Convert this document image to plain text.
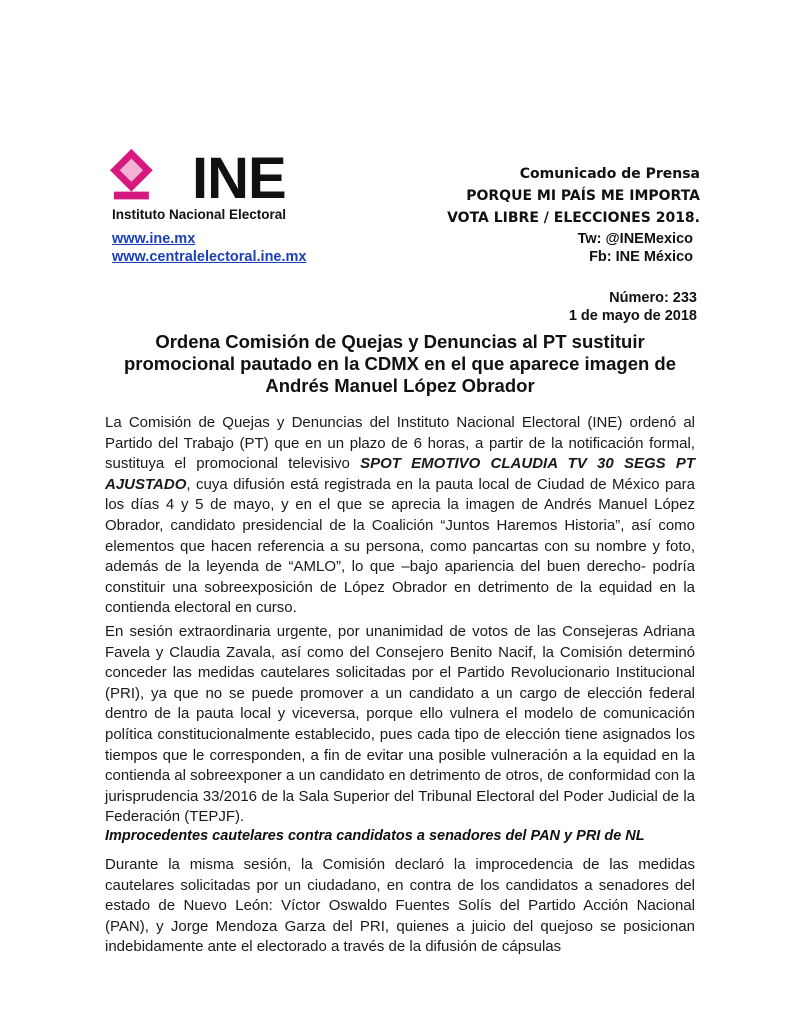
INE
Instituto Nacional Electoral
Comunicado de Prensa
PORQUE MI PAÍS ME IMPORTA
VOTA LIBRE / ELECCIONES 2018.
www.ine.mx
www.centralelectoral.ine.mx
Tw: @INEMexico
Fb: INE México
Número: 233
1 de mayo de 2018
Ordena Comisión de Quejas y Denuncias al PT sustituir promocional pautado en la CDMX en el que aparece imagen de Andrés Manuel López Obrador
La Comisión de Quejas y Denuncias del Instituto Nacional Electoral (INE) ordenó al Partido del Trabajo (PT) que en un plazo de 6 horas, a partir de la notificación formal, sustituya el promocional televisivo SPOT EMOTIVO CLAUDIA TV 30 SEGS PT AJUSTADO, cuya difusión está registrada en la pauta local de Ciudad de México para los días 4 y 5 de mayo, y en el que se aprecia la imagen de Andrés Manuel López Obrador, candidato presidencial de la Coalición “Juntos Haremos Historia”, así como elementos que hacen referencia a su persona, como pancartas con su nombre y foto, además de la leyenda de “AMLO”, lo que –bajo apariencia del buen derecho- podría constituir una sobreexposición de López Obrador en detrimento de la equidad en la contienda electoral en curso.
En sesión extraordinaria urgente, por unanimidad de votos de las Consejeras Adriana Favela y Claudia Zavala, así como del Consejero Benito Nacif, la Comisión determinó conceder las medidas cautelares solicitadas por el Partido Revolucionario Institucional (PRI), ya que no se puede promover a un candidato a un cargo de elección federal dentro de la pauta local y viceversa, porque ello vulnera el modelo de comunicación política constitucionalmente establecido, pues cada tipo de elección tiene asignados los tiempos que le corresponden, a fin de evitar una posible vulneración a la equidad en la contienda al sobreexponer a un candidato en detrimento de otros, de conformidad con la jurisprudencia 33/2016 de la Sala Superior del Tribunal Electoral del Poder Judicial de la Federación (TEPJF).
Improcedentes cautelares contra candidatos a senadores del PAN y PRI de NL
Durante la misma sesión, la Comisión declaró la improcedencia de las medidas cautelares solicitadas por un ciudadano, en contra de los candidatos a senadores del estado de Nuevo León: Víctor Oswaldo Fuentes Solís del Partido Acción Nacional (PAN), y Jorge Mendoza Garza del PRI, quienes a juicio del quejoso se posicionan indebidamente ante el electorado a través de la difusión de cápsulas
